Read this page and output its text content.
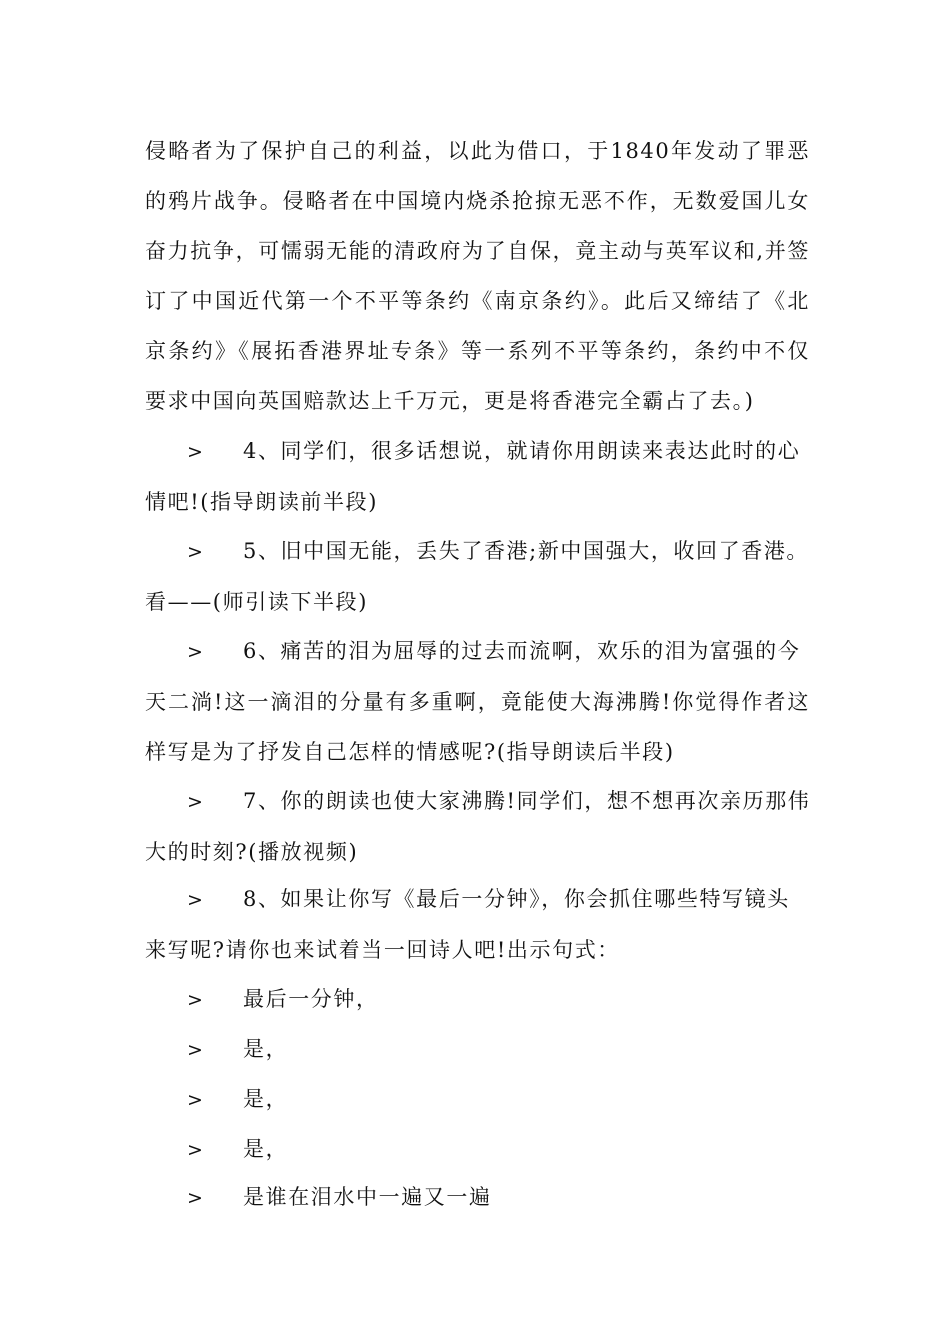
侵略者为了保护自己的利益，以此为借口，于1840年发动了罪恶的鸦片战争。侵略者在中国境内烧杀抢掠无恶不作，无数爱国儿女奋力抗争，可懦弱无能的清政府为了自保，竟主动与英军议和,并签订了中国近代第一个不平等条约《南京条约》。此后又缔结了《北京条约》《展拓香港界址专条》等一系列不平等条约，条约中不仅要求中国向英国赔款达上千万元，更是将香港完全霸占了去。)

> 4、同学们，很多话想说，就请你用朗读来表达此时的心
情吧!(指导朗读前半段)
> 5、旧中国无能，丢失了香港;新中国强大，收回了香港。
看——(师引读下半段)
> 6、痛苦的泪为屈辱的过去而流啊，欢乐的泪为富强的今
天二淌!这一滴泪的分量有多重啊，竟能使大海沸腾!你觉得作者这样写是为了抒发自己怎样的情感呢?(指导朗读后半段)
> 7、你的朗读也使大家沸腾!同学们，想不想再次亲历那伟
大的时刻?(播放视频)
> 8、如果让你写《最后一分钟》，你会抓住哪些特写镜头
来写呢?请你也来试着当一回诗人吧!出示句式：
> 最后一分钟，
> 是，
> 是，
> 是，
> 是谁在泪水中一遍又一遍
